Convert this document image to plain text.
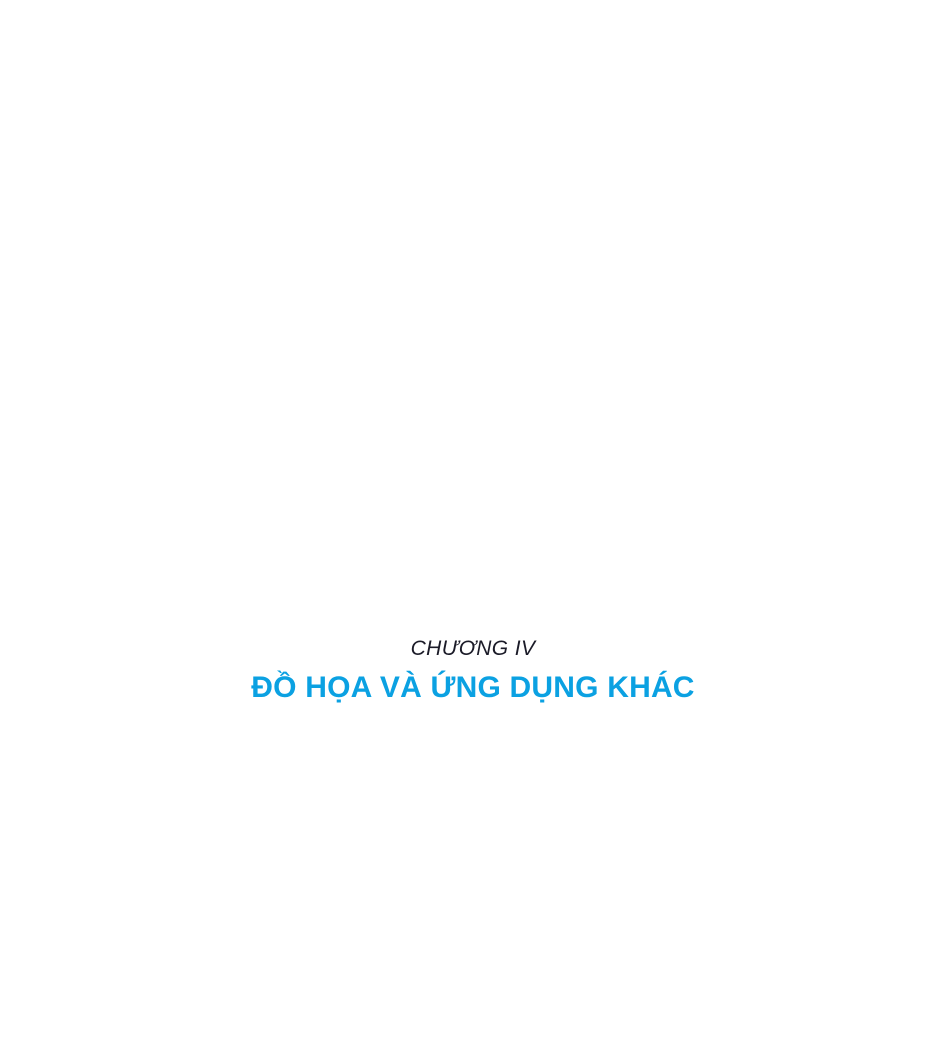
CHƯƠNG IV
ĐỒ HỌA VÀ ỨNG DỤNG KHÁC
